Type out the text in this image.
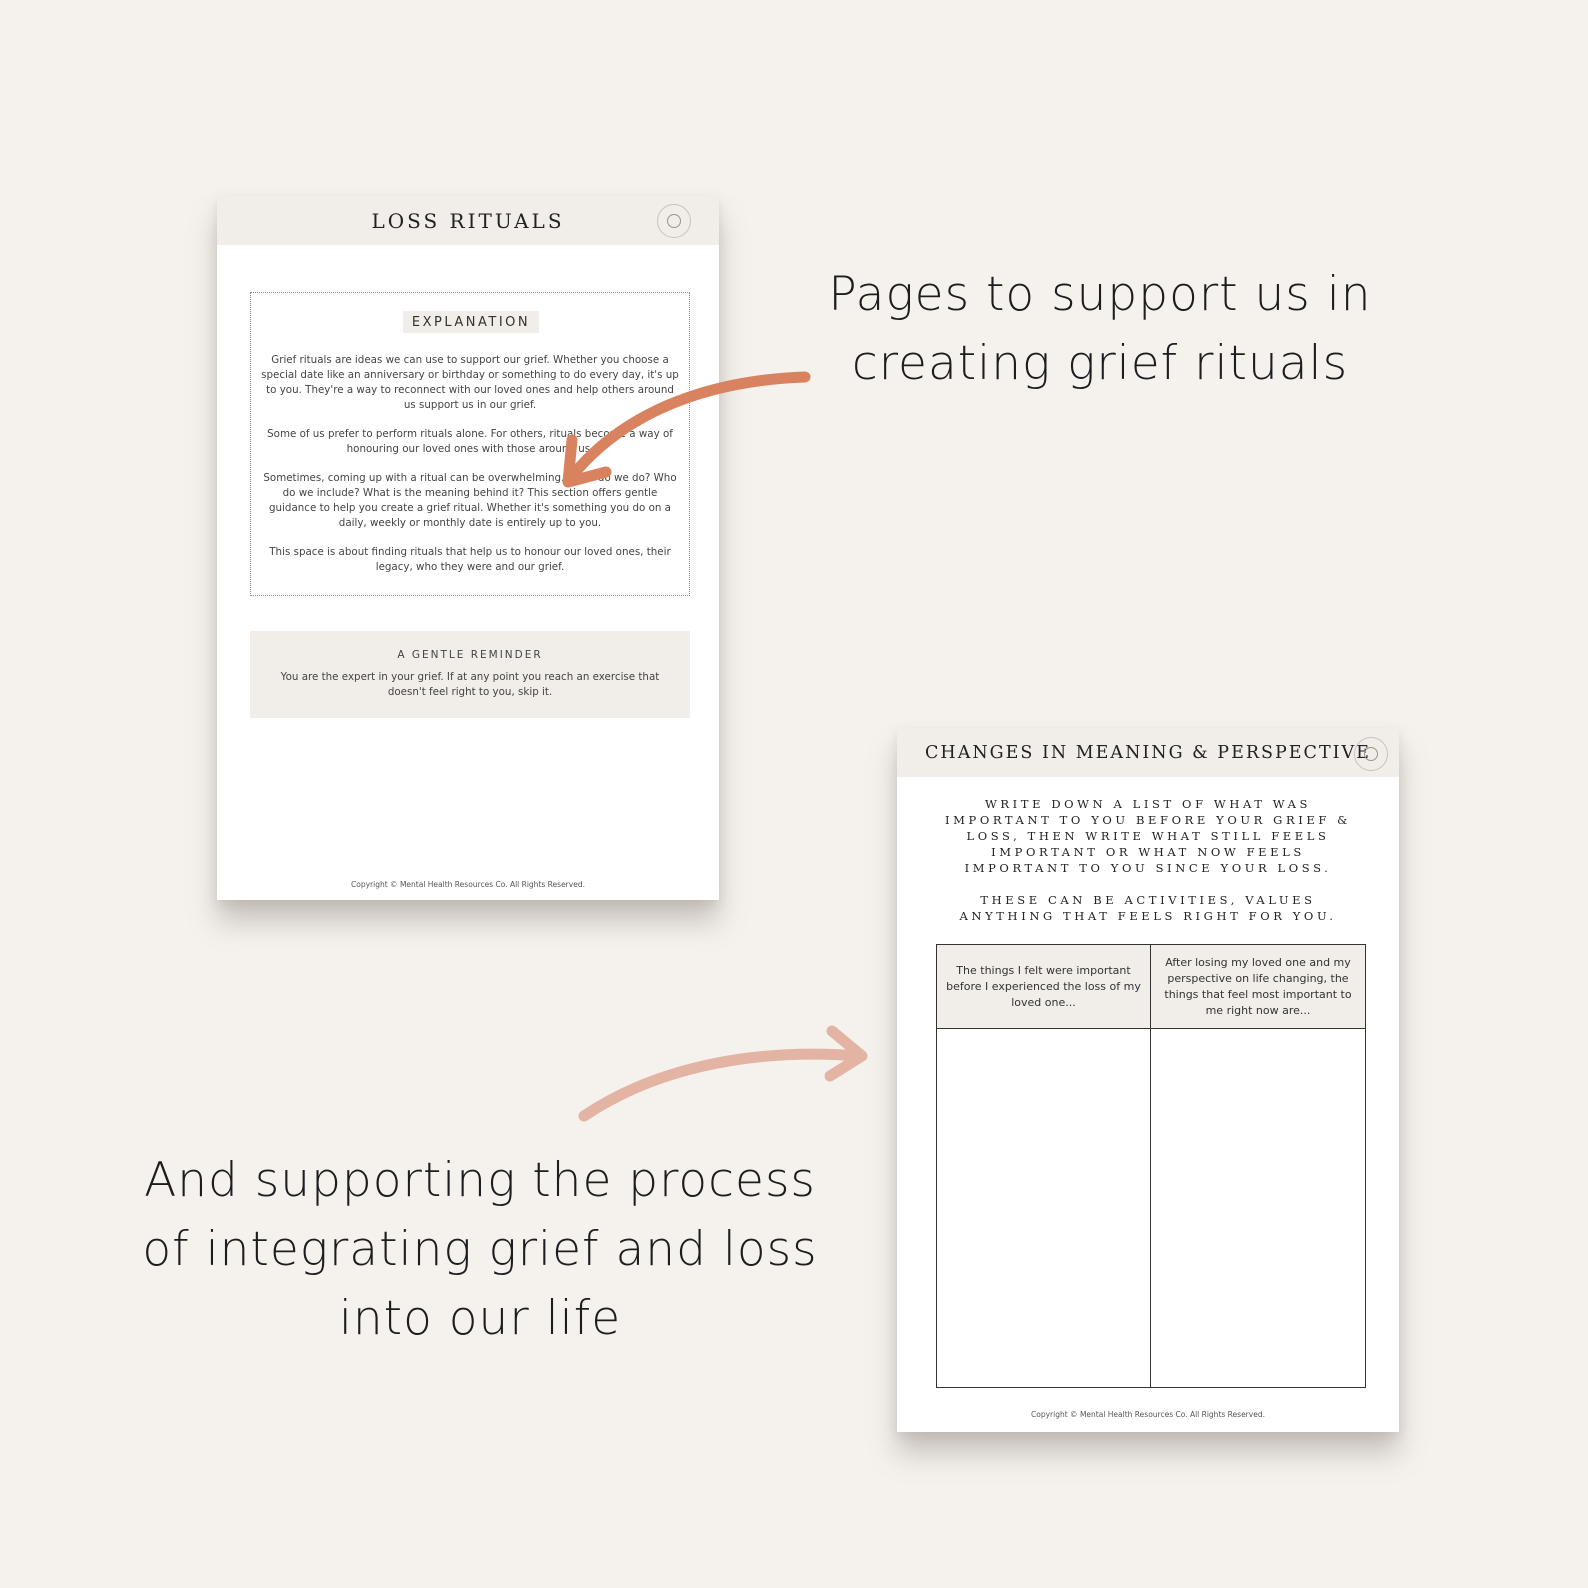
LOSS RITUALS
EXPLANATION

Grief rituals are ideas we can use to support our grief. Whether you choose a special date like an anniversary or birthday or something to do every day, it's up to you. They're a way to reconnect with our loved ones and help others around us support us in our grief.

Some of us prefer to perform rituals alone. For others, rituals become a way of honouring our loved ones with those around us.

Sometimes, coming up with a ritual can be overwhelming. What do we do? Who do we include? What is the meaning behind it? This section offers gentle guidance to help you create a grief ritual. Whether it's something you do on a daily, weekly or monthly date is entirely up to you.

This space is about finding rituals that help us to honour our loved ones, their legacy, who they were and our grief.

A GENTLE REMINDER
You are the expert in your grief. If at any point you reach an exercise that doesn't feel right to you, skip it.
Copyright © Mental Health Resources Co. All Rights Reserved.
CHANGES IN MEANING & PERSPECTIVE
WRITE DOWN A LIST OF WHAT WAS IMPORTANT TO YOU BEFORE YOUR GRIEF & LOSS, THEN WRITE WHAT STILL FEELS IMPORTANT OR WHAT NOW FEELS IMPORTANT TO YOU SINCE YOUR LOSS.
THESE CAN BE ACTIVITIES, VALUES ANYTHING THAT FEELS RIGHT FOR YOU.
The things I felt were important before I experienced the loss of my loved one...
After losing my loved one and my perspective on life changing, the things that feel most important to me right now are...
Copyright © Mental Health Resources Co. All Rights Reserved.
Pages to support us in creating grief rituals
And supporting the process of integrating grief and loss into our life
